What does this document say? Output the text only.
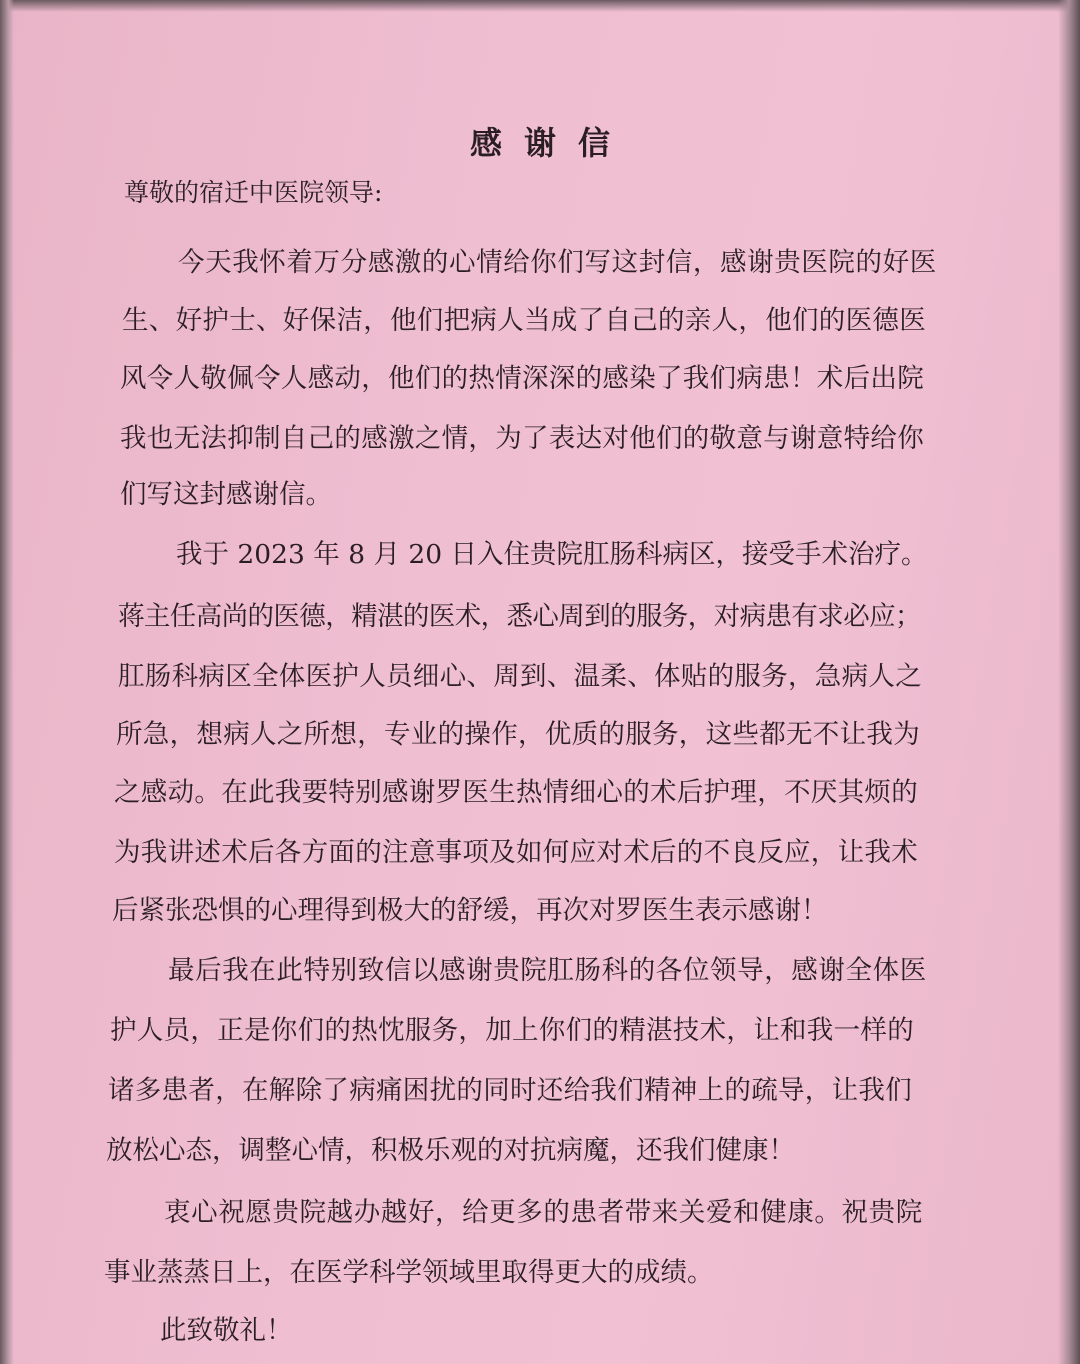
感谢信
尊敬的宿迁中医院领导:
今天我怀着万分感激的心情给你们写这封信，感谢贵医院的好医
生、好护士、好保洁，他们把病人当成了自己的亲人，他们的医德医
风令人敬佩令人感动，他们的热情深深的感染了我们病患！术后出院
我也无法抑制自己的感激之情，为了表达对他们的敬意与谢意特给你
们写这封感谢信。
我于 2023 年 8 月 20 日入住贵院肛肠科病区，接受手术治疗。
蒋主任高尚的医德，精湛的医术，悉心周到的服务，对病患有求必应；
肛肠科病区全体医护人员细心、周到、温柔、体贴的服务，急病人之
所急，想病人之所想，专业的操作，优质的服务，这些都无不让我为
之感动。在此我要特别感谢罗医生热情细心的术后护理，不厌其烦的
为我讲述术后各方面的注意事项及如何应对术后的不良反应，让我术
后紧张恐惧的心理得到极大的舒缓，再次对罗医生表示感谢！
最后我在此特别致信以感谢贵院肛肠科的各位领导，感谢全体医
护人员，正是你们的热忱服务，加上你们的精湛技术，让和我一样的
诸多患者，在解除了病痛困扰的同时还给我们精神上的疏导，让我们
放松心态，调整心情，积极乐观的对抗病魔，还我们健康！
衷心祝愿贵院越办越好，给更多的患者带来关爱和健康。祝贵院
事业蒸蒸日上，在医学科学领域里取得更大的成绩。
此致敬礼！
